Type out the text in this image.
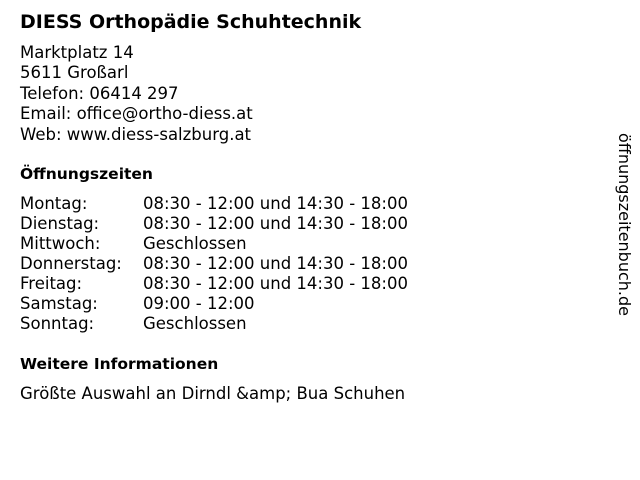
DIESS Orthopädie Schuhtechnik
Marktplatz 14
5611 Großarl
Telefon: 06414 297
Email: office@ortho-diess.at
Web: www.diess-salzburg.at
Öffnungszeiten
Montag:	08:30 - 12:00 und 14:30 - 18:00
Dienstag:	08:30 - 12:00 und 14:30 - 18:00
Mittwoch:	Geschlossen
Donnerstag: 08:30 - 12:00 und 14:30 - 18:00
Freitag:	08:30 - 12:00 und 14:30 - 18:00
Samstag:	09:00 - 12:00
Sonntag:	Geschlossen
Weitere Informationen
Größte Auswahl an Dirndl &amp; Bua Schuhen
öffnungszeitenbuch.de
